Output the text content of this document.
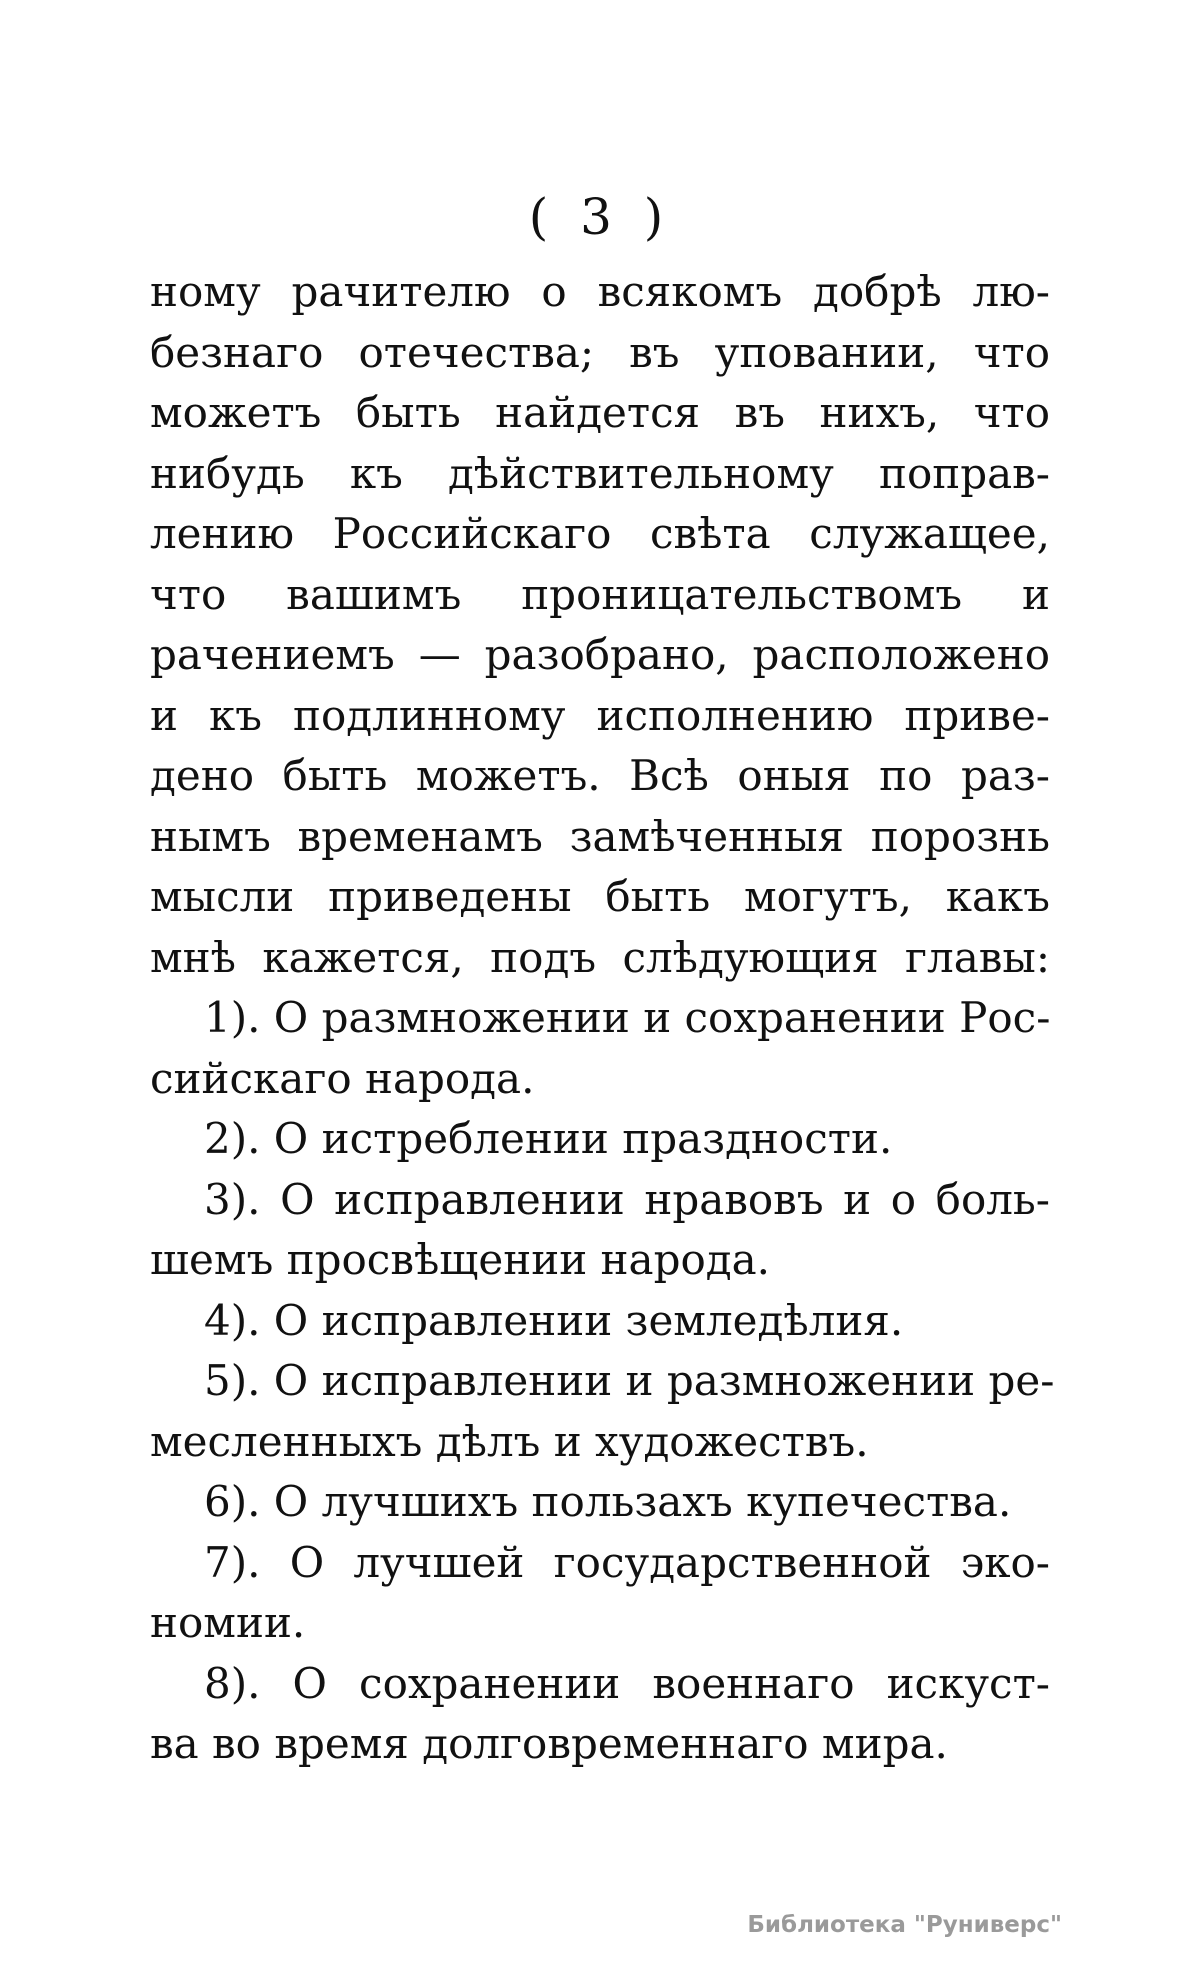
( 3 )
ному рачителю о всякомъ добрѣ лю-
безнаго отечества; въ уповании, что
можетъ быть найдется въ нихъ, что
нибудь къ дѣйствительному поправ-
лению Российскаго свѣта служащее,
что вашимъ проницательствомъ и
рачениемъ — разобрано, расположено
и къ подлинному исполнению приве-
дено быть можетъ. Всѣ оныя по раз-
нымъ временамъ замѣченныя порознь
мысли приведены быть могутъ, какъ
мнѣ кажется, подъ слѣдующия главы:
1). О размножении и сохранении Рос-
сийскаго народа.
2). О истреблении праздности.
3). О исправлении нравовъ и о боль-
шемъ просвѣщении народа.
4). О исправлении земледѣлия.
5). О исправлении и размножении ре-
месленныхъ дѣлъ и художествъ.
6). О лучшихъ пользахъ купечества.
7). О лучшей государственной эко-
номии.
8). О сохранении военнаго искуст-
ва во время долговременнаго мира.
Библиотека "Руниверс"
